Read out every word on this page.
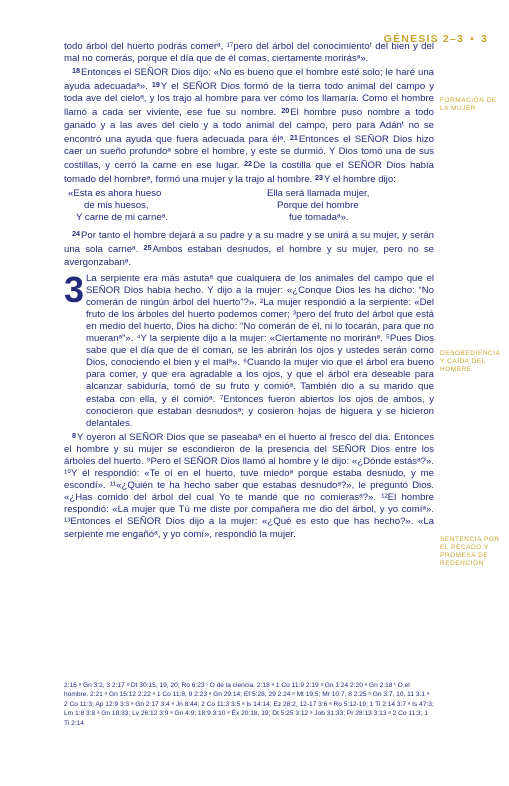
GÉNESIS 2–3 • 3
FORMACIÓN DE LA MUJER
DESOBEDIENCIA Y CAÍDA DEL HOMBRE
SENTENCIA POR EL PECADO Y PROMESA DE REDENCIÓN

todo árbol del huerto podrás comerᵃ, ¹⁷pero del árbol del conocimientoᵗ del bien y del mal no comerás, porque el día que de él comas, ciertamente morirásᵃ».

$^{18}$Entonces el SEÑOR Dios dijo: «No es bueno que el hombre esté solo; le haré una ayuda adecuadaᵃ». $^{19}$Y el SEÑOR Dios formó de la tierra todo animal del campo y toda ave del cieloᵃ, y los trajo al hombre para ver cómo los llamaría. Como el hombre llamó a cada ser viviente, ese fue su nombre. $^{20}$El hombre puso nombre a todo ganado y a las aves del cielo y a todo animal del campo, pero para Adánᵗ no se encontró una ayuda que fuera adecuada para élᵃ. $^{21}$Entonces el SEÑOR Dios hizo caer un sueño profundoᵃ sobre el hombre, y este se durmió. Y Dios tomó una de sus costillas, y cerró la carne en ese lugar. $^{22}$De la costilla que el SEÑOR Dios había tomado del hombreᵃ, formó una mujer y la trajo al hombre. $^{23}$Y el hombre dijo:

«Esta es ahora hueso
de mis huesos,
Y carne de mi carneᵃ.
Ella será llamada mujer,
Porque del hombre
fue tomadaᵃ».

$^{24}$Por tanto el hombre dejará a su padre y a su madre y se unirá a su mujer, y serán una sola carneᵃ. $^{25}$Ambos estaban desnudos, el hombre y su mujer, pero no se avergonzabanᵃ.

3 La serpiente era más astutaᵃ que cualquiera de los animales del campo que el SEÑOR Dios había hecho. Y dijo a la mujer: «¿Conque Dios les ha dicho: “No comerán de ningún árbol del huerto”?». ²La mujer respondió a la serpiente: «Del fruto de los árboles del huerto podemos comer; ³pero del fruto del árbol que está en medio del huerto, Dios ha dicho: “No comerán de él, ni lo tocarán, para que no mueranᵃ”». ⁴Y la serpiente dijo a la mujer: «Ciertamente no moriránᵃ. ⁵Pues Dios sabe que el día que de él coman, se les abrirán los ojos y ustedes serán como Dios, conociendo el bien y el malᵃ». ⁶Cuando la mujer vio que el árbol era bueno para comer, y que era agradable a los ojos, y que el árbol era deseable para alcanzar sabiduría, tomó de su fruto y comióᵃ. También dio a su marido que estaba con ella, y él comióᵃ. ⁷Entonces fueron abiertos los ojos de ambos, y conocieron que estaban desnudosᵃ; y cosieron hojas de higuera y se hicieron delantales.

$^8$Y oyeron al SEÑOR Dios que se paseabaᵃ en el huerto al fresco del día. Entonces el hombre y su mujer se escondieron de la presencia del SEÑOR Dios entre los árboles del huerto. ⁹Pero el SEÑOR Dios llamó al hombre y le dijo: «¿Dónde estásᵃ?». ¹⁰Y él respondió: «Te oí en el huerto, tuve miedoᵃ porque estaba desnudo, y me escondí». ¹¹«¿Quién te ha hecho saber que estabas desnudoᵃ?», le preguntó Dios. «¿Has comido del árbol del cual Yo te mandé que no comierasᵃ?». ¹²El hombre respondió: «La mujer que Tú me diste por compañera me dio del árbol, y yo comíᵃ». ¹³Entonces el SEÑOR Dios dijo a la mujer: «¿Qué es esto que has hecho?». «La serpiente me engañóᵃ, y yo comí», respondió la mujer.

2:16 ᵃ Gn 3:2, 3 2:17 ᵃ Dt 30:15, 19, 20; Ro 6:23 ᵗ O de la ciencia. 2:18 ᵃ 1 Co 11:9 2:19 ᵃ Gn 1:24 2:20 ᵃ Gn 2:18 ᵗ O el hombre. 2:21 ᵃ Gn 15:12 2:22 ᵃ 1 Co 11:8, 9 2:23 ᵃ Gn 29:14; Ef 5:28, 29 2:24 ᵃ Mt 19:5; Mr 10:7, 8 2:25 ᵃ Gn 3:7, 10, 11 3:1 ᵃ 2 Co 11:3; Ap 12:9 3:3 ᵃ Gn 2:17 3:4 ᵃ Jn 8:44; 2 Co 11:3 3:5 ᵃ Is 14:14; Ez 28:2, 12-17 3:6 ᵃ Ro 5:12-19; 1 Ti 2:14 3:7 ᵃ Is 47:3; Lm 1:8 3:8 ᵃ Gn 18:33; Lv 26:12 3:9 ᵃ Gn 4:9; 18:9 3:10 ᵃ Éx 20:18, 19; Dt 5:25 3:12 ᵃ Job 31:33; Pr 28:13 3:13 ᵃ 2 Co 11:3; 1 Ti 2:14
